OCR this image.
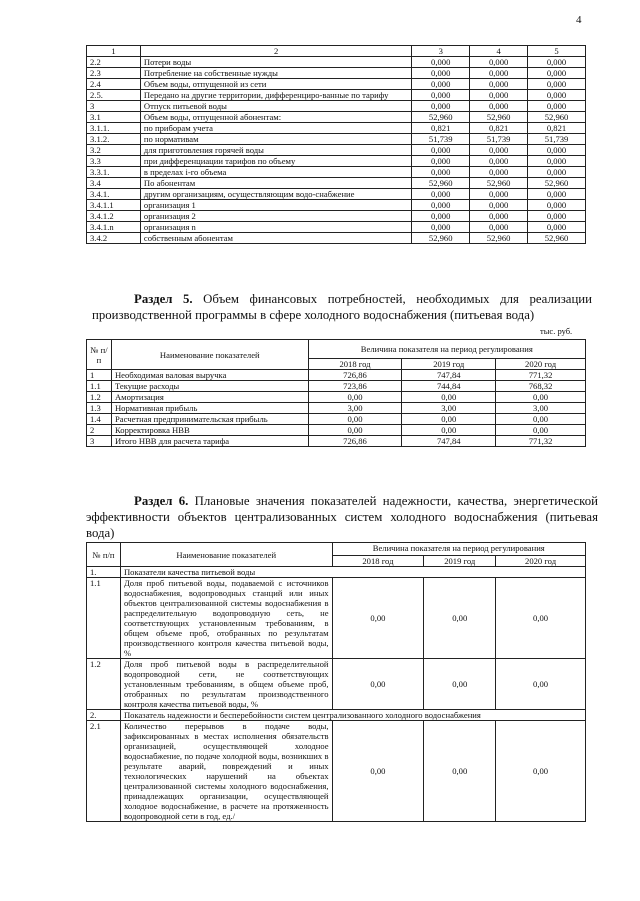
4
1	2	3	4	5
2.2	Потери воды	0,000	0,000	0,000
2.3	Потребление на собственные нужды	0,000	0,000	0,000
2.4	Объем воды, отпущенной из сети	0,000	0,000	0,000
2.5.	Передано на другие территории, дифференциро-ванные по тарифу	0,000	0,000	0,000
3	Отпуск питьевой воды	0,000	0,000	0,000
3.1	Объем воды, отпущенной абонентам:	52,960	52,960	52,960
3.1.1.	по приборам учета	0,821	0,821	0,821
3.1.2.	по нормативам	51,739	51,739	51,739
3.2	для приготовления горячей воды	0,000	0,000	0,000
3.3	при дифференциации тарифов по объему	0,000	0,000	0,000
3.3.1.	в пределах i-го объема	0,000	0,000	0,000
3.4	По абонентам	52,960	52,960	52,960
3.4.1.	другим организациям, осуществляющим водо-снабжение	0,000	0,000	0,000
3.4.1.1	организация 1	0,000	0,000	0,000
3.4.1.2	организация 2	0,000	0,000	0,000
3.4.1.n	организация n	0,000	0,000	0,000
3.4.2	собственным абонентам	52,960	52,960	52,960
Раздел 5. Объем финансовых потребностей, необходимых для реализации производственной программы в сфере холодного водоснабжения (питьевая вода)
тыс. руб.
№ п/п	Наименование показателей	Величина показателя на период регулирования		
		2018 год	2019 год	2020 год
1	Необходимая валовая выручка	726,86	747,84	771,32
1.1	Текущие расходы	723,86	744,84	768,32
1.2	Амортизация	0,00	0,00	0,00
1.3	Нормативная прибыль	3,00	3,00	3,00
1.4	Расчетная предпринимательская прибыль	0,00	0,00	0,00
2	Корректировка НВВ	0,00	0,00	0,00
3	Итого НВВ для расчета тарифа	726,86	747,84	771,32
Раздел 6. Плановые значения показателей надежности, качества, энергетической эффективности объектов централизованных систем холодного водоснабжения (питьевая вода)
№ п/п	Наименование показателей	Величина показателя на период регулирования		
		2018 год	2019 год	2020 год
1.	Показатели качества питьевой воды			
1.1	Доля проб питьевой воды, подаваемой с источников водоснабжения, водопроводных станций или иных объектов централизованной системы водоснабжения в распределительную водопроводную сеть, не соответствующих установленным требованиям, в общем объеме проб, отобранных по результатам производственного контроля качества питьевой воды, %	0,00	0,00	0,00
1.2	Доля проб питьевой воды в распределительной водопроводной сети, не соответствующих установленным требованиям, в общем объеме проб, отобранных по результатам производственного контроля качества питьевой воды, %	0,00	0,00	0,00
2.	Показатель надежности и бесперебойности систем централизованного холодного водоснабжения			
2.1	Количество перерывов в подаче воды, зафиксированных в местах исполнения обязательств организацией, осуществляющей холодное водоснабжение, по подаче холодной воды, возникших в результате аварий, повреждений и иных технологических нарушений на объектах централизованной системы холодного водоснабжения, принадлежащих организации, осуществляющей холодное водоснабжение, в расчете на протяженность водопроводной сети в год, ед./	0,00	0,00	0,00
